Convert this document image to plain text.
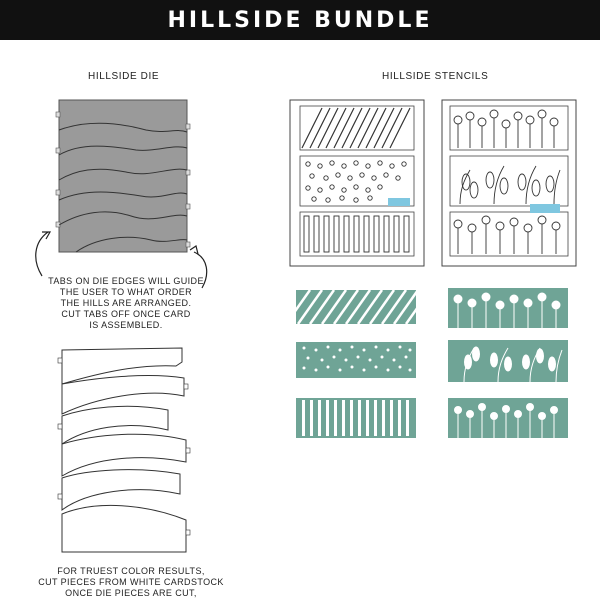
HILLSIDE BUNDLE
HILLSIDE DIE	HILLSIDE STENCILS
TABS ON DIE EDGES WILL GUIDE
THE USER TO WHAT ORDER
THE HILLS ARE ARRANGED.
CUT TABS OFF ONCE CARD
IS ASSEMBLED.
FOR TRUEST COLOR RESULTS,
CUT PIECES FROM WHITE CARDSTOCK
ONCE DIE PIECES ARE CUT,
